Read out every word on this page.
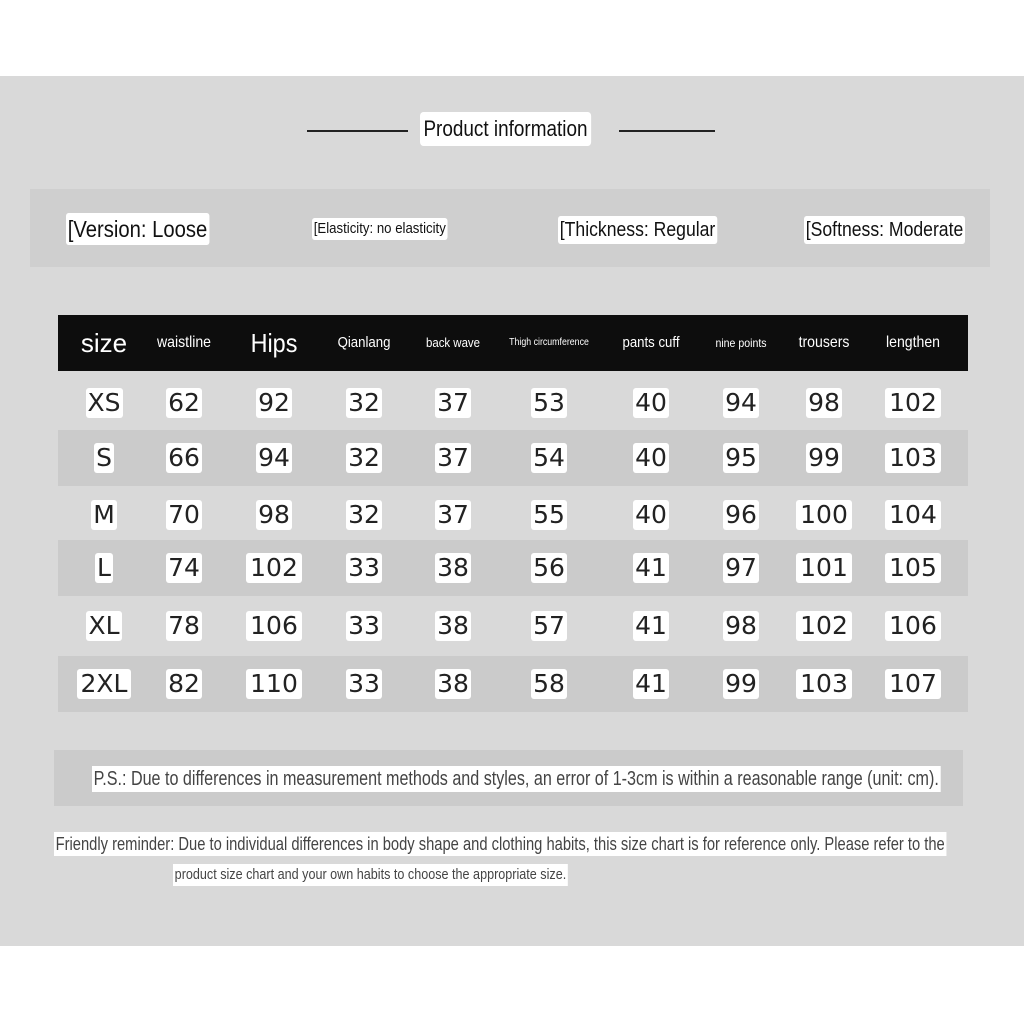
Product information
[Version: Loose	[Elasticity: no elasticity	[Thickness: Regular	[Softness: Moderate
size	waistline	Hips	Qianlang	back wave	Thigh circumference	pants cuff	nine points	trousers	lengthen
XS 62 92 32 37	53	40 94 98 102
S 66 94 32 37	54	40 95 99 103
M 70 98 32 37	55	40 96 100 104
L 74 102 33 38	56	41 97 101 105
XL 78 106 33 38	57	41 98 102 106
2XL 82 110 33 38	58	41 99 103 107
P.S.: Due to differences in measurement methods and styles, an error of 1-3cm is within a reasonable range (unit: cm).
Friendly reminder: Due to individual differences in body shape and clothing habits, this size chart is for reference only. Please refer to the
product size chart and your own habits to choose the appropriate size.
